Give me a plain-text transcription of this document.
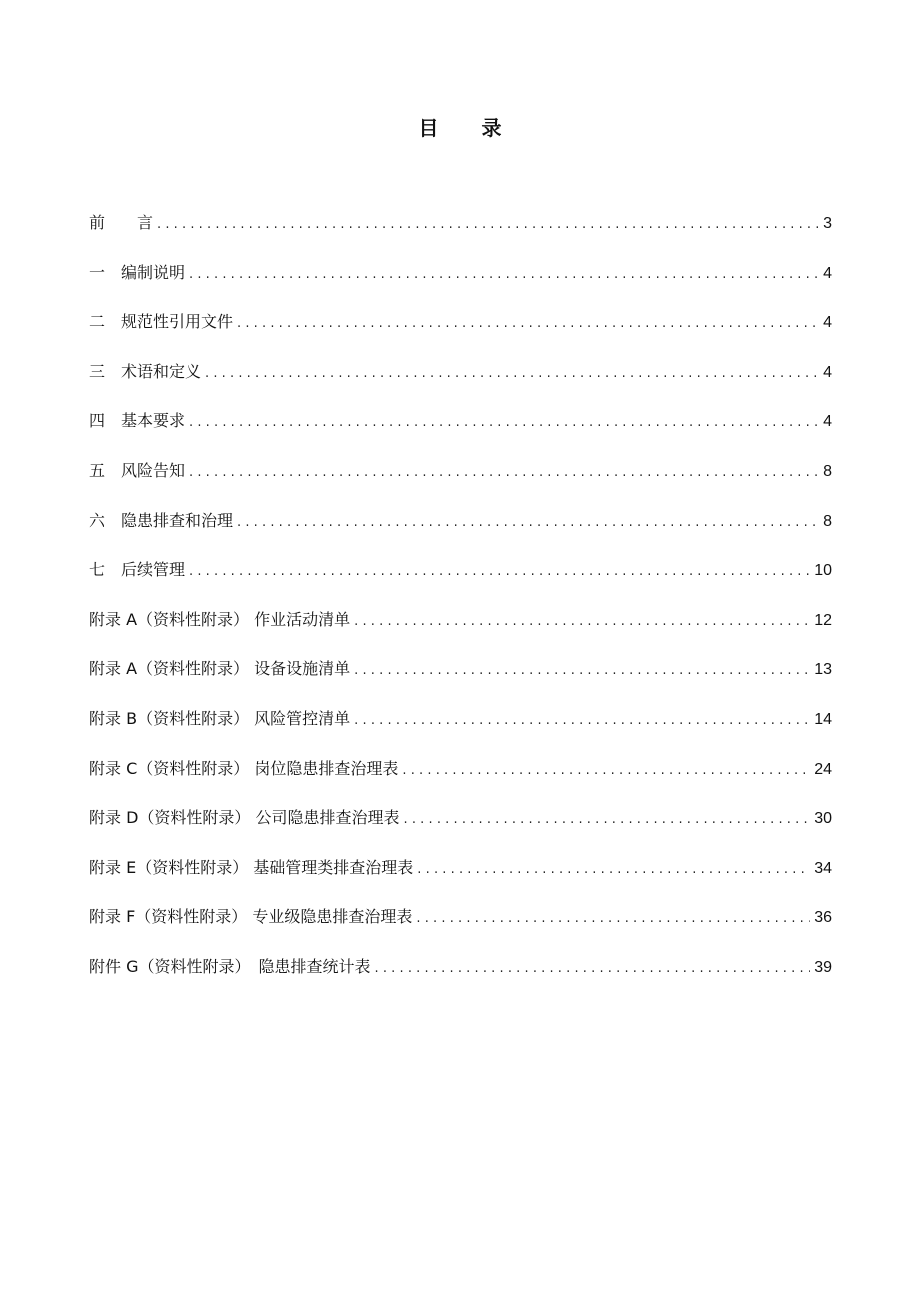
目 录
前　　言 .....	3
一　编制说明 .....	4
二　规范性引用文件 .....	4
三　术语和定义 .....	4
四　基本要求 .....	4
五　风险告知 .....	8
六　隐患排查和治理 .....	8
七　后续管理 .....	10
附录 A（资料性附录） 作业活动清单 .....	12
附录 A（资料性附录） 设备设施清单 .....	13
附录 B（资料性附录） 风险管控清单 .....	14
附录 C（资料性附录） 岗位隐患排查治理表 .....	24
附录 D（资料性附录） 公司隐患排查治理表 .....	30
附录 E（资料性附录） 基础管理类排查治理表 .....	34
附录 F（资料性附录） 专业级隐患排查治理表 .....	36
附件 G（资料性附录）　隐患排查统计表 .....	39
